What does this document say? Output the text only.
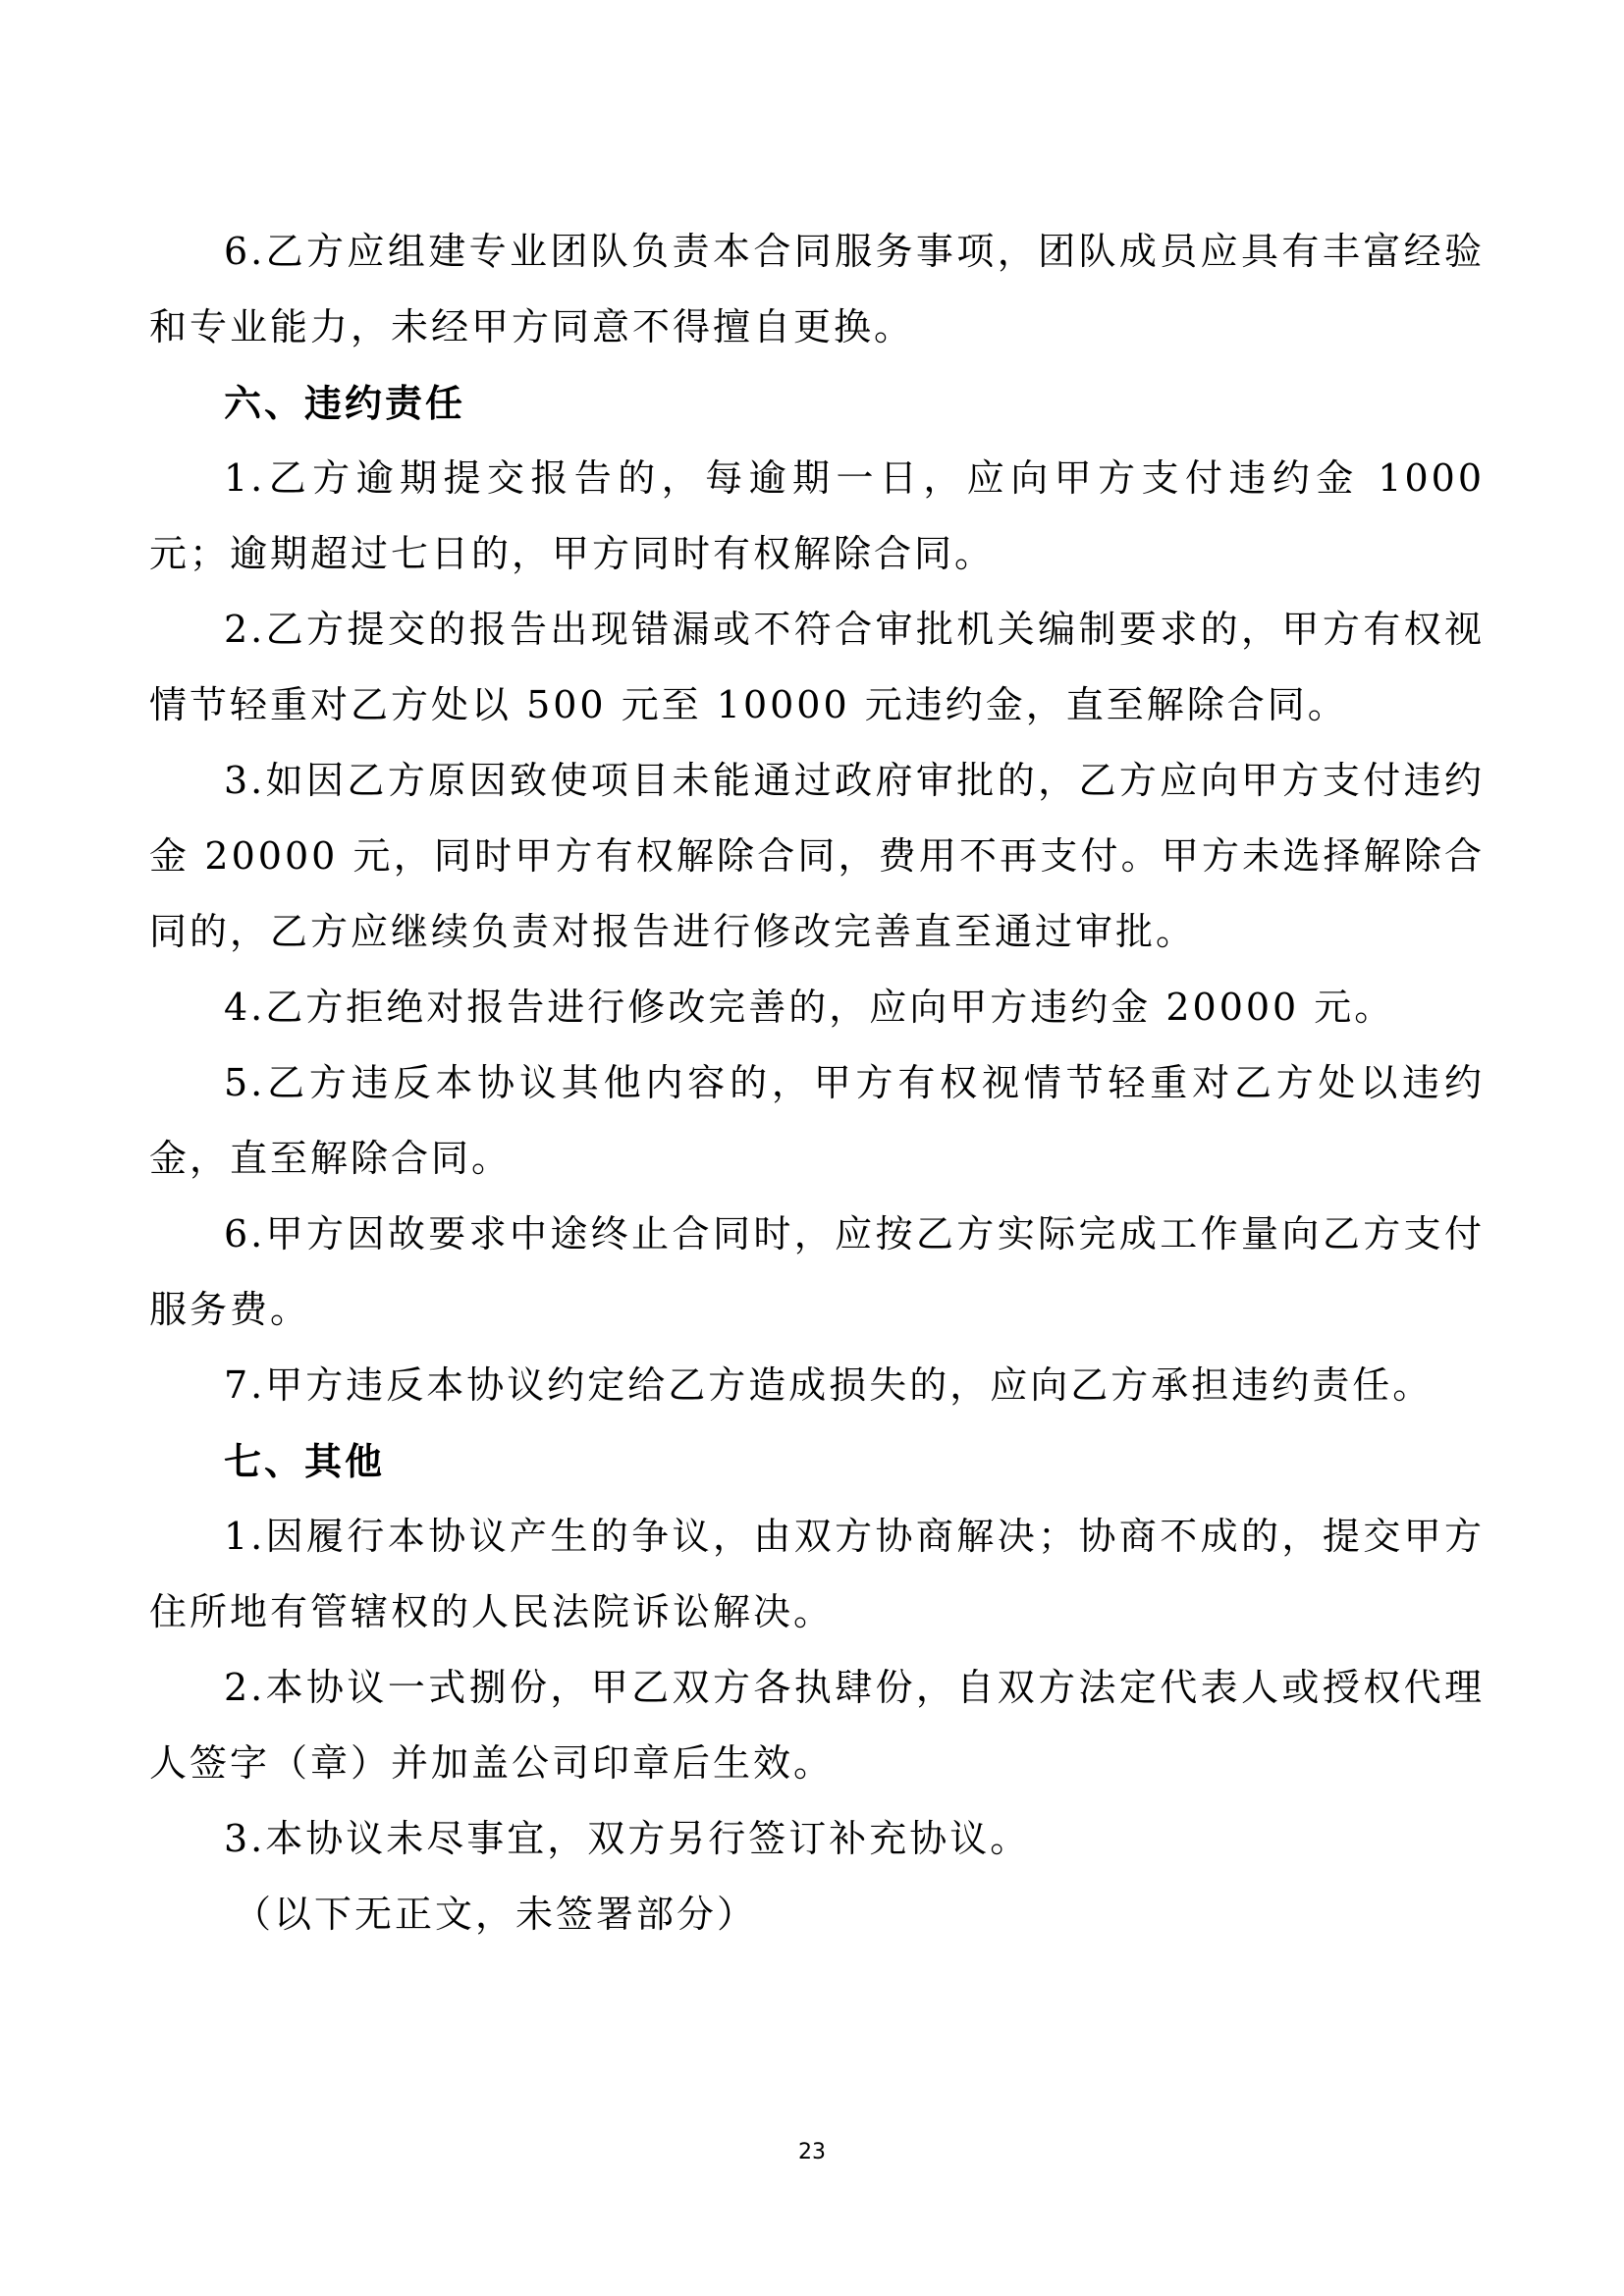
6.乙方应组建专业团队负责本合同服务事项，团队成员应具有丰富经验和专业能力，未经甲方同意不得擅自更换。

六、违约责任

1.乙方逾期提交报告的，每逾期一日，应向甲方支付违约金 1000 元；逾期超过七日的，甲方同时有权解除合同。

2.乙方提交的报告出现错漏或不符合审批机关编制要求的，甲方有权视情节轻重对乙方处以 500 元至 10000 元违约金，直至解除合同。

3.如因乙方原因致使项目未能通过政府审批的，乙方应向甲方支付违约金 20000 元，同时甲方有权解除合同，费用不再支付。甲方未选择解除合同的，乙方应继续负责对报告进行修改完善直至通过审批。

4.乙方拒绝对报告进行修改完善的，应向甲方违约金 20000 元。

5.乙方违反本协议其他内容的，甲方有权视情节轻重对乙方处以违约金，直至解除合同。

6.甲方因故要求中途终止合同时，应按乙方实际完成工作量向乙方支付服务费。

7.甲方违反本协议约定给乙方造成损失的，应向乙方承担违约责任。

七、其他

1.因履行本协议产生的争议，由双方协商解决；协商不成的，提交甲方住所地有管辖权的人民法院诉讼解决。

2.本协议一式捌份，甲乙双方各执肆份，自双方法定代表人或授权代理人签字（章）并加盖公司印章后生效。

3.本协议未尽事宜，双方另行签订补充协议。

（以下无正文，未签署部分）

23
